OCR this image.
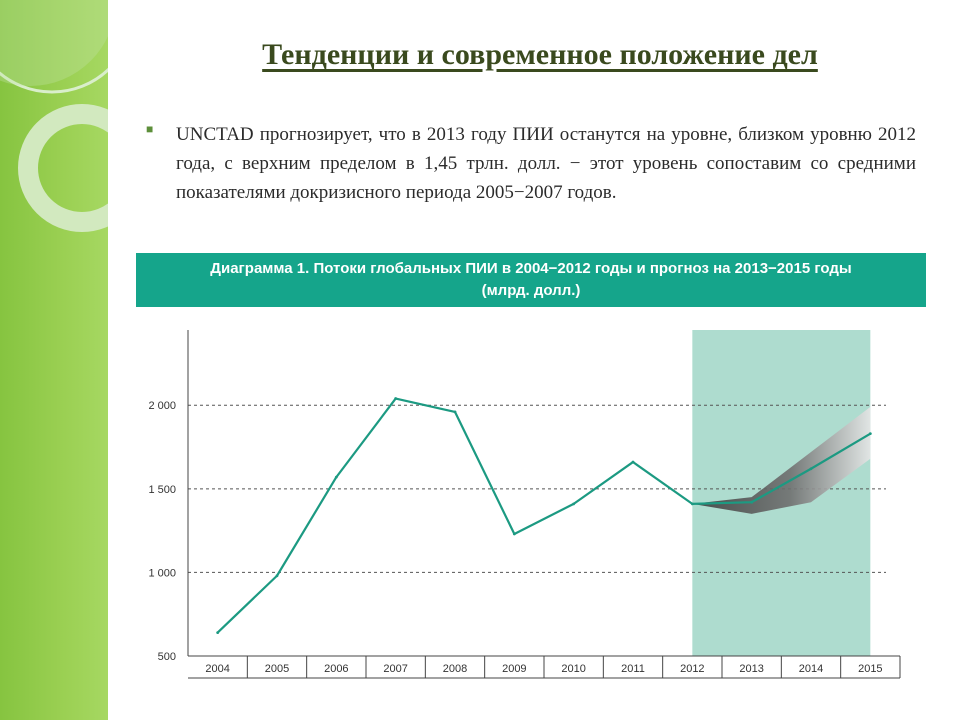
Тенденции и современное положение дел
■ UNCTAD прогнозирует, что в 2013 году ПИИ останутся на уровне, близком уровню 2012 года, с верхним пределом в 1,45 трлн. долл. − этот уровень сопоставим со средними показателями докризисного периода 2005−2007 годов.
Диаграмма 1. Потоки глобальных ПИИ в 2004−2012 годы и прогноз на 2013−2015 годы
(млрд. долл.)
500
1 000
1 500
2 000
2004	2005	2006	2007	2008	2009	2010	2011	2012	2013	2014	2015
